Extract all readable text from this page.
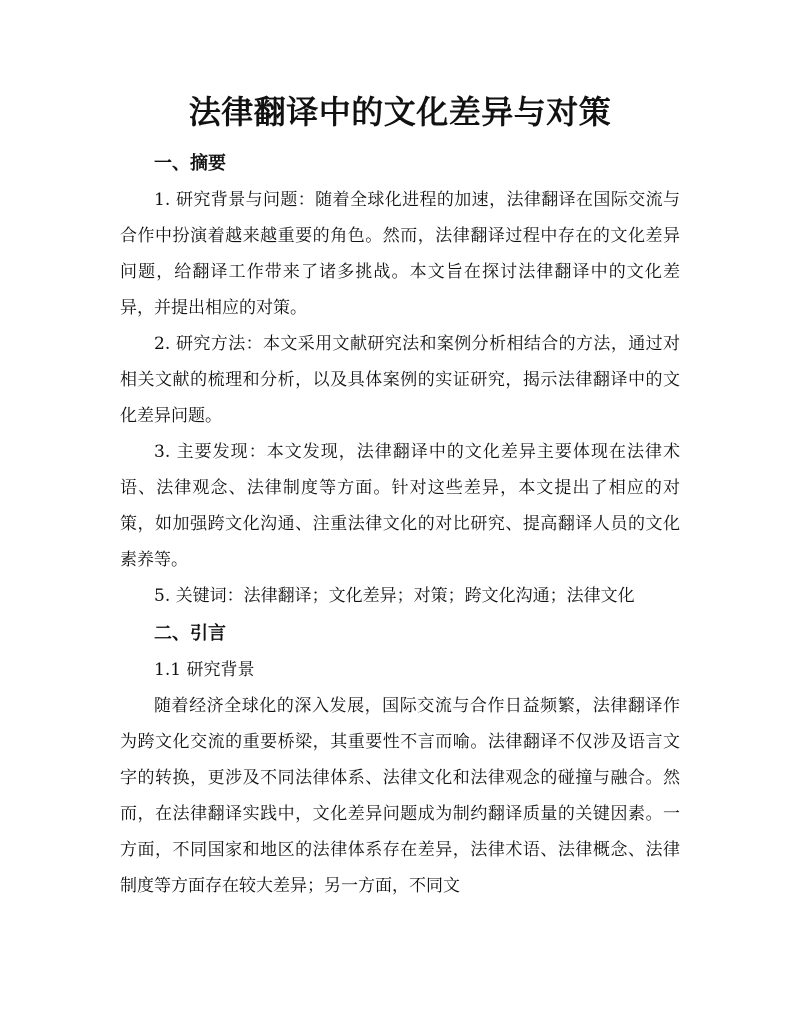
法律翻译中的文化差异与对策
一、摘要

1. 研究背景与问题：随着全球化进程的加速，法律翻译在国际交流与合作中扮演着越来越重要的角色。然而，法律翻译过程中存在的文化差异问题，给翻译工作带来了诸多挑战。本文旨在探讨法律翻译中的文化差异，并提出相应的对策。

2. 研究方法：本文采用文献研究法和案例分析相结合的方法，通过对相关文献的梳理和分析，以及具体案例的实证研究，揭示法律翻译中的文化差异问题。

3. 主要发现：本文发现，法律翻译中的文化差异主要体现在法律术语、法律观念、法律制度等方面。针对这些差异，本文提出了相应的对策，如加强跨文化沟通、注重法律文化的对比研究、提高翻译人员的文化素养等。

5. 关键词：法律翻译；文化差异；对策；跨文化沟通；法律文化

二、引言
1.1 研究背景

随着经济全球化的深入发展，国际交流与合作日益频繁，法律翻译作为跨文化交流的重要桥梁，其重要性不言而喻。法律翻译不仅涉及语言文字的转换，更涉及不同法律体系、法律文化和法律观念的碰撞与融合。然而，在法律翻译实践中，文化差异问题成为制约翻译质量的关键因素。一方面，不同国家和地区的法律体系存在差异，法律术语、法律概念、法律制度等方面存在较大差异；另一方面，不同文
